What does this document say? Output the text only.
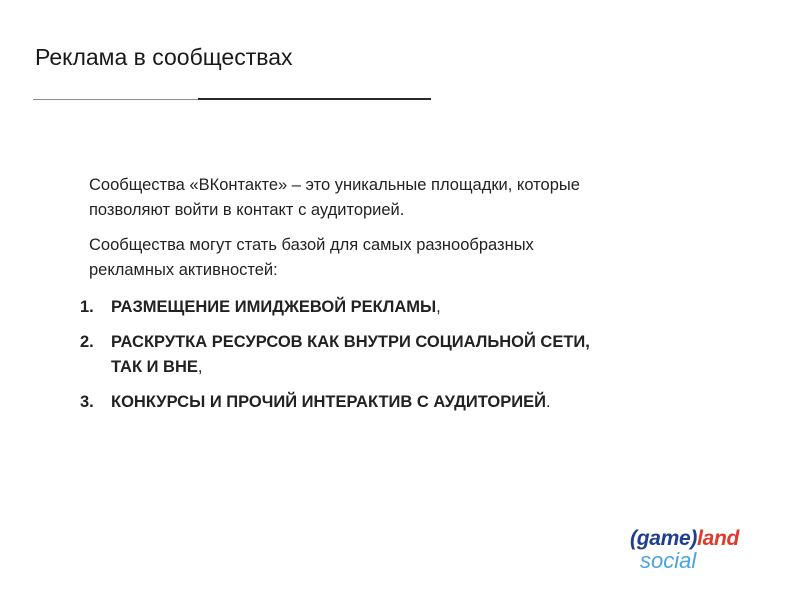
Реклама в сообществах

Сообщества «ВКонтакте» – это уникальные площадки, которые
позволяют войти в контакт с аудиторией.

Сообщества могут стать базой для самых разнообразных
рекламных активностей:

1. РАЗМЕЩЕНИЕ ИМИДЖЕВОЙ РЕКЛАМЫ,
2. РАСКРУТКА РЕСУРСОВ КАК ВНУТРИ СОЦИАЛЬНОЙ СЕТИ,
ТАК И ВНЕ,
3. КОНКУРСЫ И ПРОЧИЙ ИНТЕРАКТИВ С АУДИТОРИЕЙ.
(game)land
social
